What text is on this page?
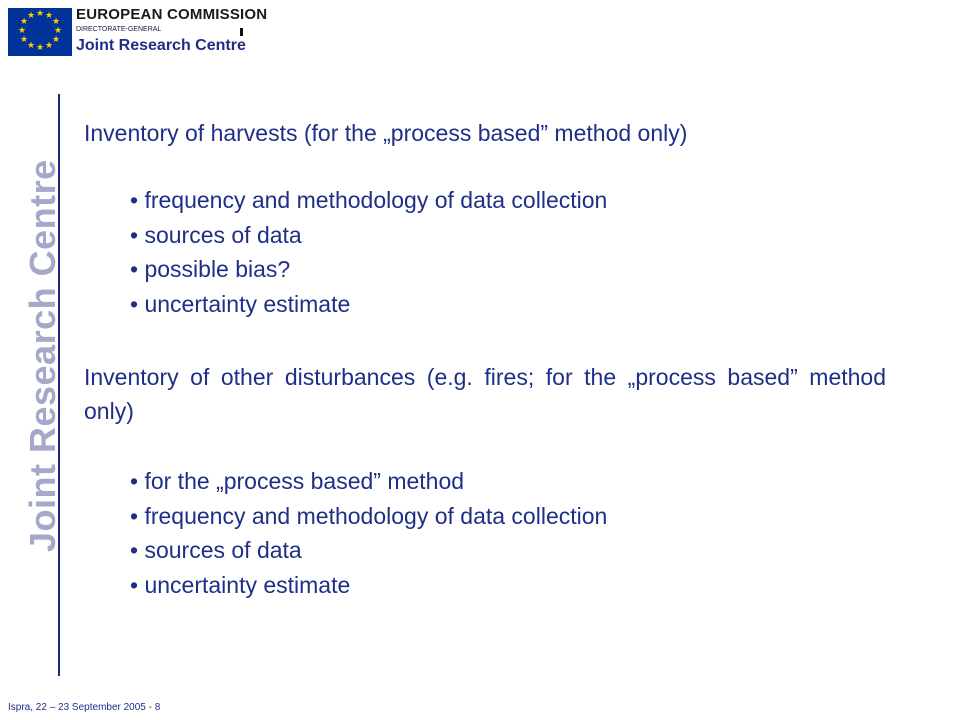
★ ★
★
★
★
★
★
★
★
★
★
★	EUROPEAN COMMISSION
DIRECTORATE-GENERAL
Joint Research Centre
Joint Research Centre
Inventory of harvests (for the „process based” method only)
• frequency and methodology of data collection
• sources of data
• possible bias?
• uncertainty estimate
Inventory of other disturbances (e.g. fires; for the „process based” method only)
• for the „process based” method
• frequency and methodology of data collection
• sources of data
• uncertainty estimate
Ispra, 22 – 23 September 2005 - 8
